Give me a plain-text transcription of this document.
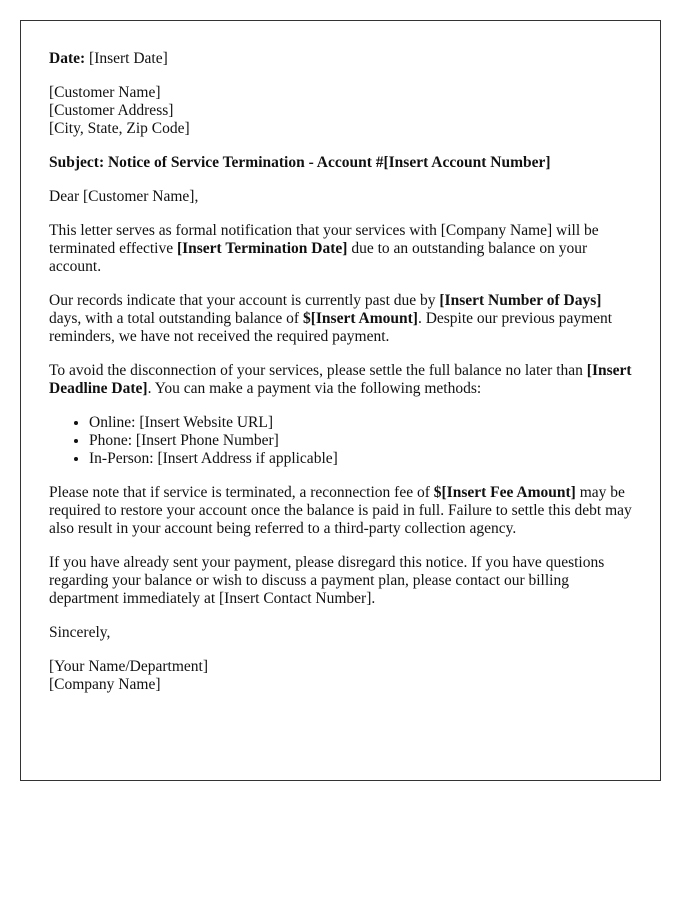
Date: [Insert Date]

[Customer Name]
[Customer Address]
[City, State, Zip Code]

Subject: Notice of Service Termination - Account #[Insert Account Number]

Dear [Customer Name],

This letter serves as formal notification that your services with [Company Name] will be terminated effective [Insert Termination Date] due to an outstanding balance on your account.

Our records indicate that your account is currently past due by [Insert Number of Days] days, with a total outstanding balance of $[Insert Amount]. Despite our previous payment reminders, we have not received the required payment.

To avoid the disconnection of your services, please settle the full balance no later than [Insert Deadline Date]. You can make a payment via the following methods:

• Online: [Insert Website URL]
• Phone: [Insert Phone Number]
• In-Person: [Insert Address if applicable]

Please note that if service is terminated, a reconnection fee of $[Insert Fee Amount] may be required to restore your account once the balance is paid in full. Failure to settle this debt may also result in your account being referred to a third-party collection agency.

If you have already sent your payment, please disregard this notice. If you have questions regarding your balance or wish to discuss a payment plan, please contact our billing department immediately at [Insert Contact Number].

Sincerely,

[Your Name/Department]
[Company Name]
